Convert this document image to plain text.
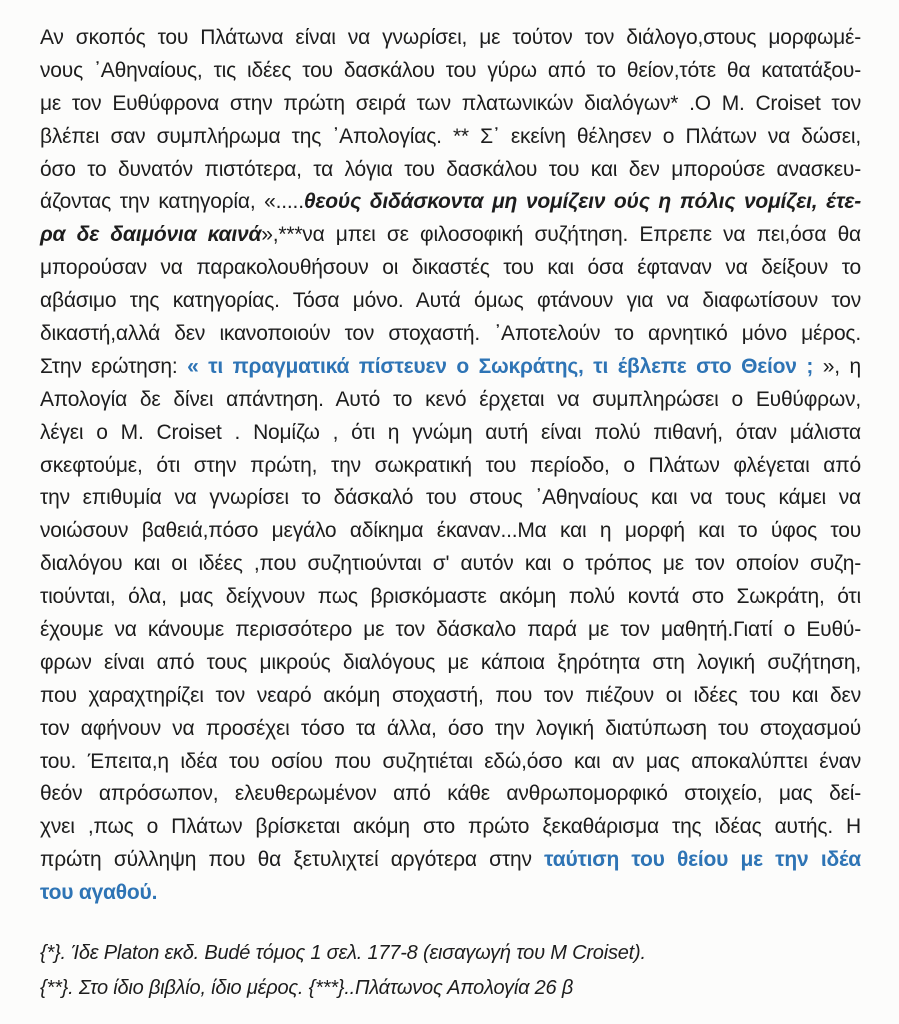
Αν σκοπός του Πλάτωνα είναι να γνωρίσει, με τούτον τον διάλογο,στους μορφωμέ-
νους ᾽Αθηναίους, τις ιδέες του δασκάλου του γύρω από το θείον,τότε θα κατατάξου-
με τον Ευθύφρονα στην πρώτη σειρά των πλατωνικών διαλόγων* .Ο Μ. Croiset τον
βλέπει σαν συμπλήρωμα της ᾽Απολογίας. ** Σ᾽ εκείνη θέλησεν ο Πλάτων να δώσει,
όσο το δυνατόν πιστότερα, τα λόγια του δασκάλου του και δεν μπορούσε ανασκευ-
άζοντας την κατηγορία, «.....θεούς διδάσκοντα μη νομίζειν ούς η πόλις νομίζει, έτε-
ρα δε δαιμόνια καινά»,***να μπει σε φιλοσοφική συζήτηση. Επρεπε να πει,όσα θα
μπορούσαν να παρακολουθήσουν οι δικαστές του και όσα έφταναν να δείξουν το
αβάσιμο της κατηγορίας. Τόσα μόνο. Αυτά όμως φτάνουν για να διαφωτίσουν τον
δικαστή,αλλά δεν ικανοποιούν τον στοχαστή. ᾽Αποτελούν το αρνητικό μόνο μέρος.
Στην ερώτηση: « τι πραγματικά πίστευεν ο Σωκράτης, τι έβλεπε στο Θείον ; », η
Απολογία δε δίνει απάντηση. Αυτό το κενό έρχεται να συμπληρώσει ο Ευθύφρων,
λέγει ο Μ. Croiset . Νομίζω , ότι η γνώμη αυτή είναι πολύ πιθανή, όταν μάλιστα
σκεφτούμε, ότι στην πρώτη, την σωκρατική του περίοδο, ο Πλάτων φλέγεται από
την επιθυμία να γνωρίσει το δάσκαλό του στους ᾽Αθηναίους και να τους κάμει να
νοιώσουν βαθειά,πόσο μεγάλο αδίκημα έκαναν...Μα και η μορφή και το ύφος του
διαλόγου και οι ιδέες ,που συζητιούνται σ' αυτόν και ο τρόπος με τον οποίον συζη-
τιούνται, όλα, μας δείχνουν πως βρισκόμαστε ακόμη πολύ κοντά στο Σωκράτη, ότι
έχουμε να κάνουμε περισσότερο με τον δάσκαλο παρά με τον μαθητή.Γιατί ο Ευθύ-
φρων είναι από τους μικρούς διαλόγους με κάποια ξηρότητα στη λογική συζήτηση,
που χαραχτηρίζει τον νεαρό ακόμη στοχαστή, που τον πιέζουν οι ιδέες του και δεν
τον αφήνουν να προσέχει τόσο τα άλλα, όσο την λογική διατύπωση του στοχασμού
του. Έπειτα,η ιδέα του οσίου που συζητιέται εδώ,όσο και αν μας αποκαλύπτει έναν
θεόν απρόσωπον, ελευθερωμένον από κάθε ανθρωπομορφικό στοιχείο, μας δεί-
χνει ,πως ο Πλάτων βρίσκεται ακόμη στο πρώτο ξεκαθάρισμα της ιδέας αυτής. Η
πρώτη σύλληψη που θα ξετυλιχτεί αργότερα στην ταύτιση του θείου με την ιδέα
του αγαθού.
{*}. Ίδε Platon εκδ. Budé τόμος 1 σελ. 177-8 (εισαγωγή του Μ Croiset).
{**}. Στο ίδιο βιβλίο, ίδιο μέρος. {***}..Πλάτωνος Απολογία 26 β
